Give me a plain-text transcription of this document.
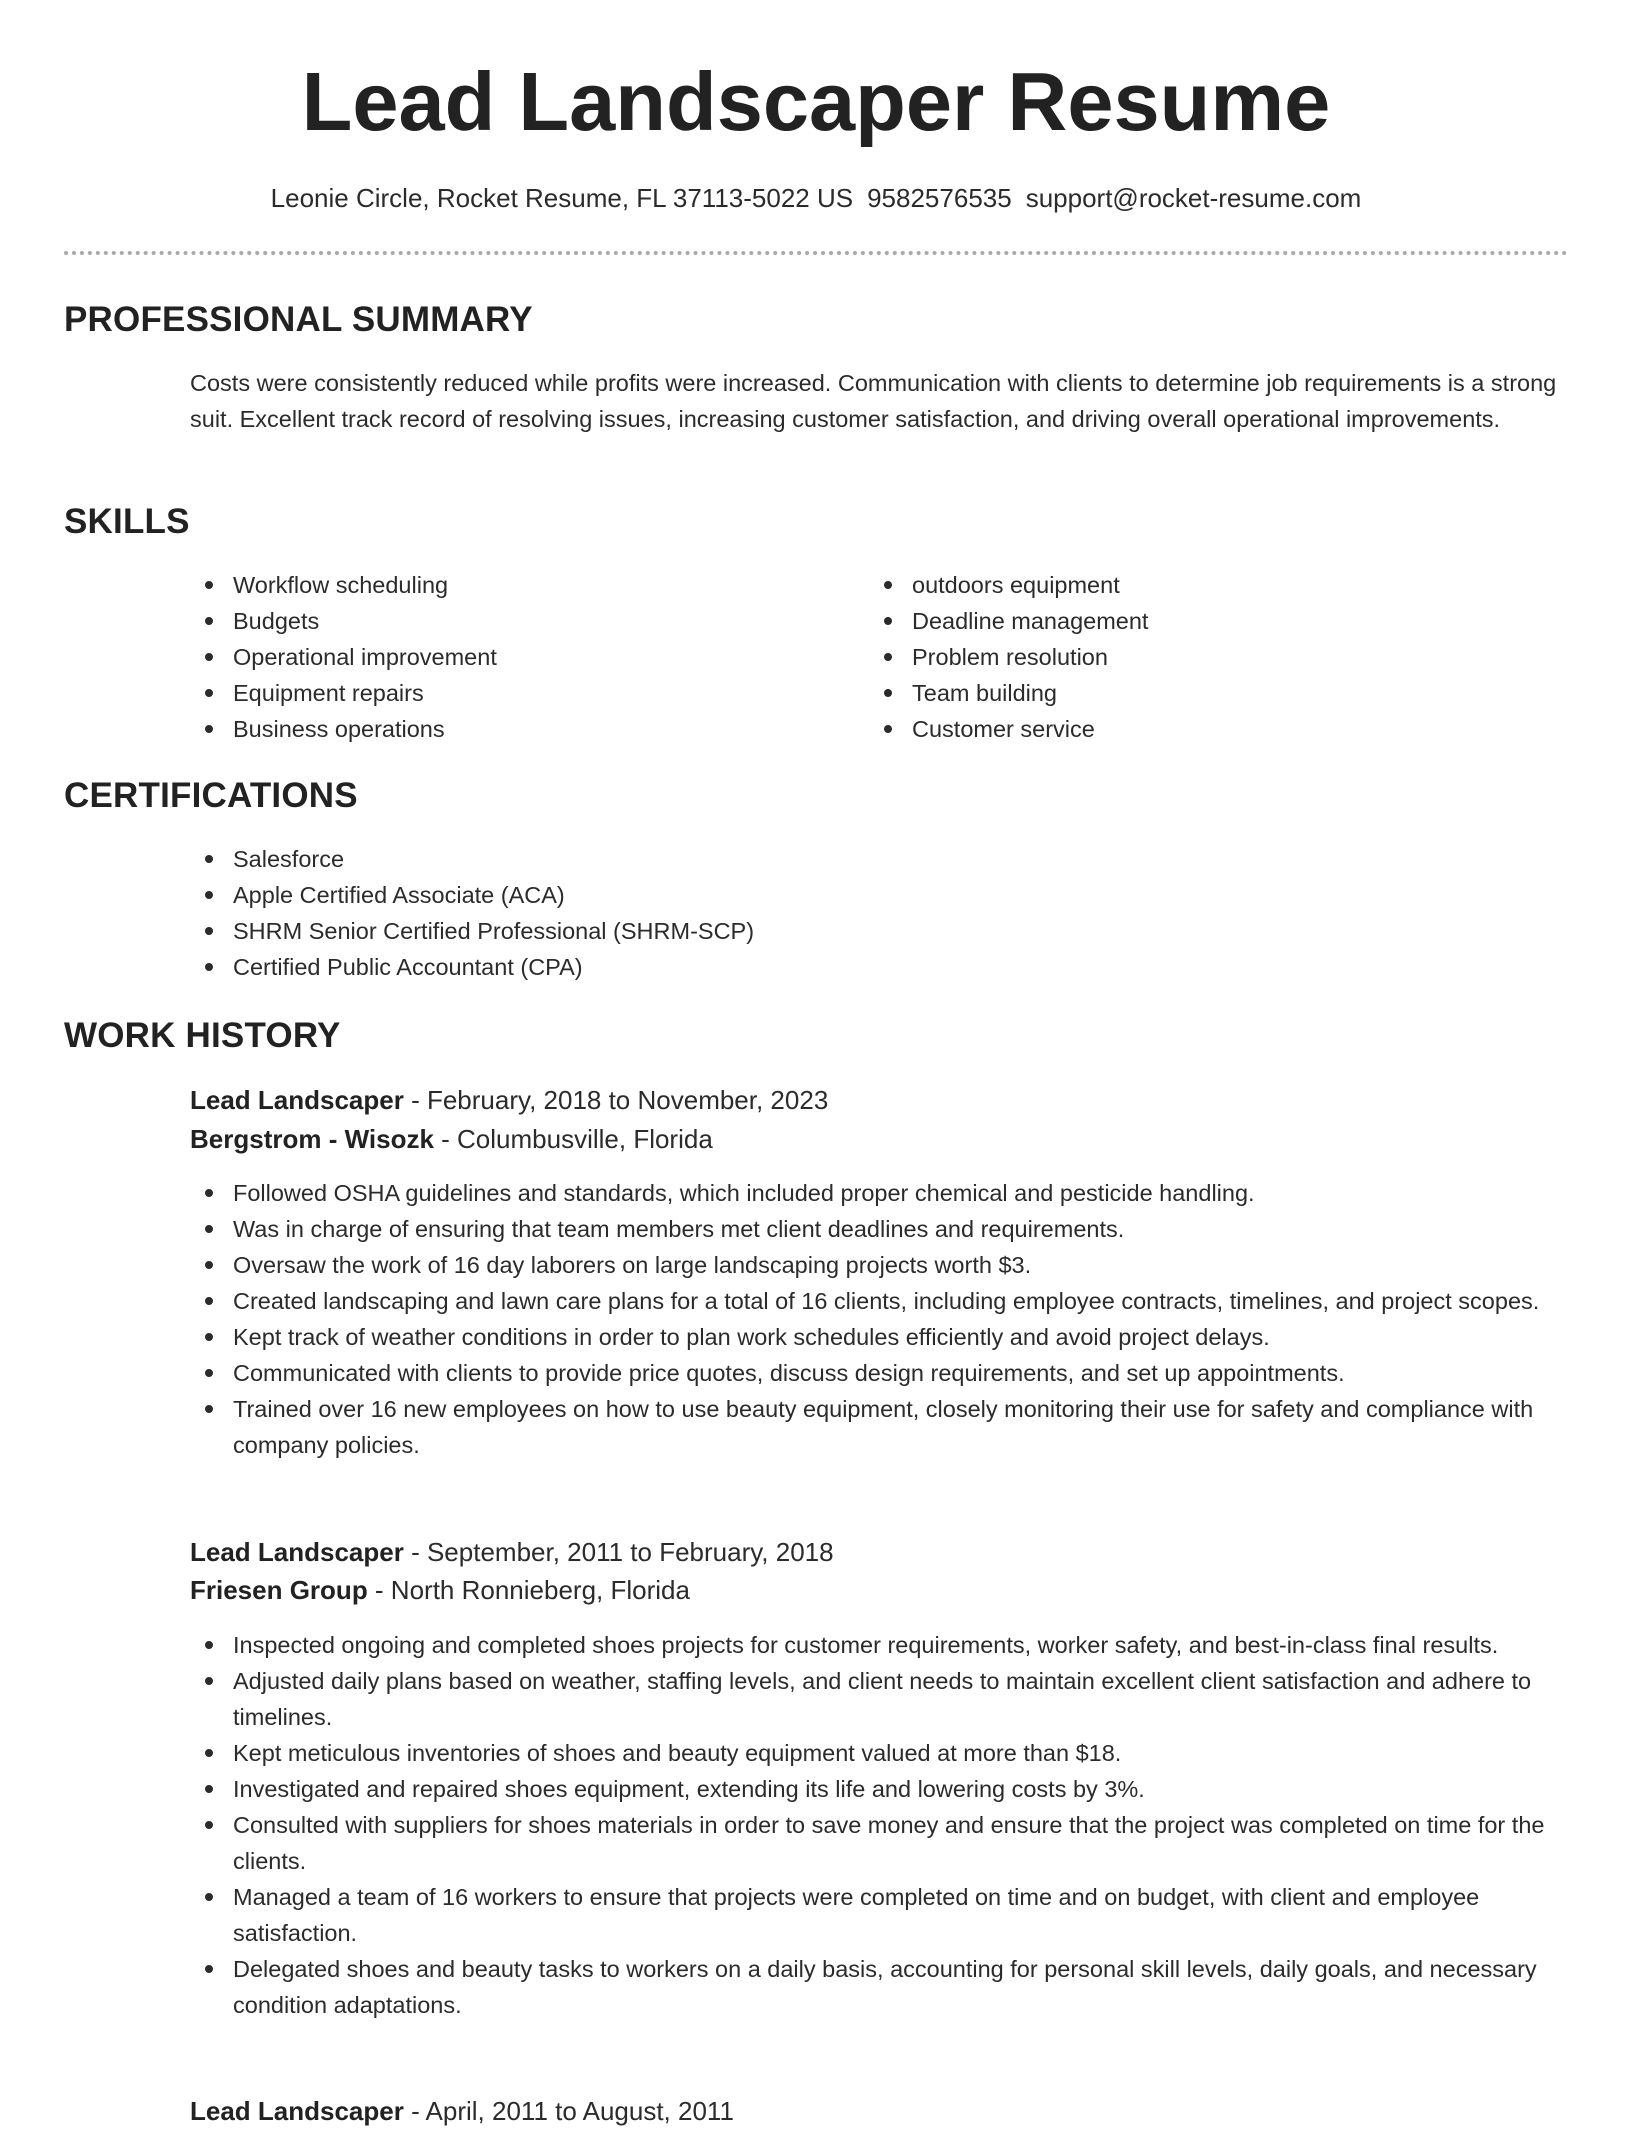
Lead Landscaper Resume
Leonie Circle, Rocket Resume, FL 37113-5022 US 9582576535 support@rocket-resume.com
PROFESSIONAL SUMMARY

Costs were consistently reduced while profits were increased. Communication with clients to determine job requirements is a strong suit. Excellent track record of resolving issues, increasing customer satisfaction, and driving overall operational improvements.

SKILLS
Workflow scheduling
Budgets
Operational improvement
Equipment repairs
Business operations
outdoors equipment
Deadline management
Problem resolution
Team building
Customer service
CERTIFICATIONS
Salesforce
Apple Certified Associate (ACA)
SHRM Senior Certified Professional (SHRM-SCP)
Certified Public Accountant (CPA)
WORK HISTORY
Lead Landscaper - February, 2018 to November, 2023
Bergstrom - Wisozk - Columbusville, Florida
Followed OSHA guidelines and standards, which included proper chemical and pesticide handling.
Was in charge of ensuring that team members met client deadlines and requirements.
Oversaw the work of 16 day laborers on large landscaping projects worth $3.
Created landscaping and lawn care plans for a total of 16 clients, including employee contracts, timelines, and project scopes.
Kept track of weather conditions in order to plan work schedules efficiently and avoid project delays.
Communicated with clients to provide price quotes, discuss design requirements, and set up appointments.
Trained over 16 new employees on how to use beauty equipment, closely monitoring their use for safety and compliance with company policies.
Lead Landscaper - September, 2011 to February, 2018
Friesen Group - North Ronnieberg, Florida
Inspected ongoing and completed shoes projects for customer requirements, worker safety, and best-in-class final results.
Adjusted daily plans based on weather, staffing levels, and client needs to maintain excellent client satisfaction and adhere to timelines.
Kept meticulous inventories of shoes and beauty equipment valued at more than $18.
Investigated and repaired shoes equipment, extending its life and lowering costs by 3%.
Consulted with suppliers for shoes materials in order to save money and ensure that the project was completed on time for the clients.
Managed a team of 16 workers to ensure that projects were completed on time and on budget, with client and employee satisfaction.
Delegated shoes and beauty tasks to workers on a daily basis, accounting for personal skill levels, daily goals, and necessary condition adaptations.
Lead Landscaper - April, 2011 to August, 2011
